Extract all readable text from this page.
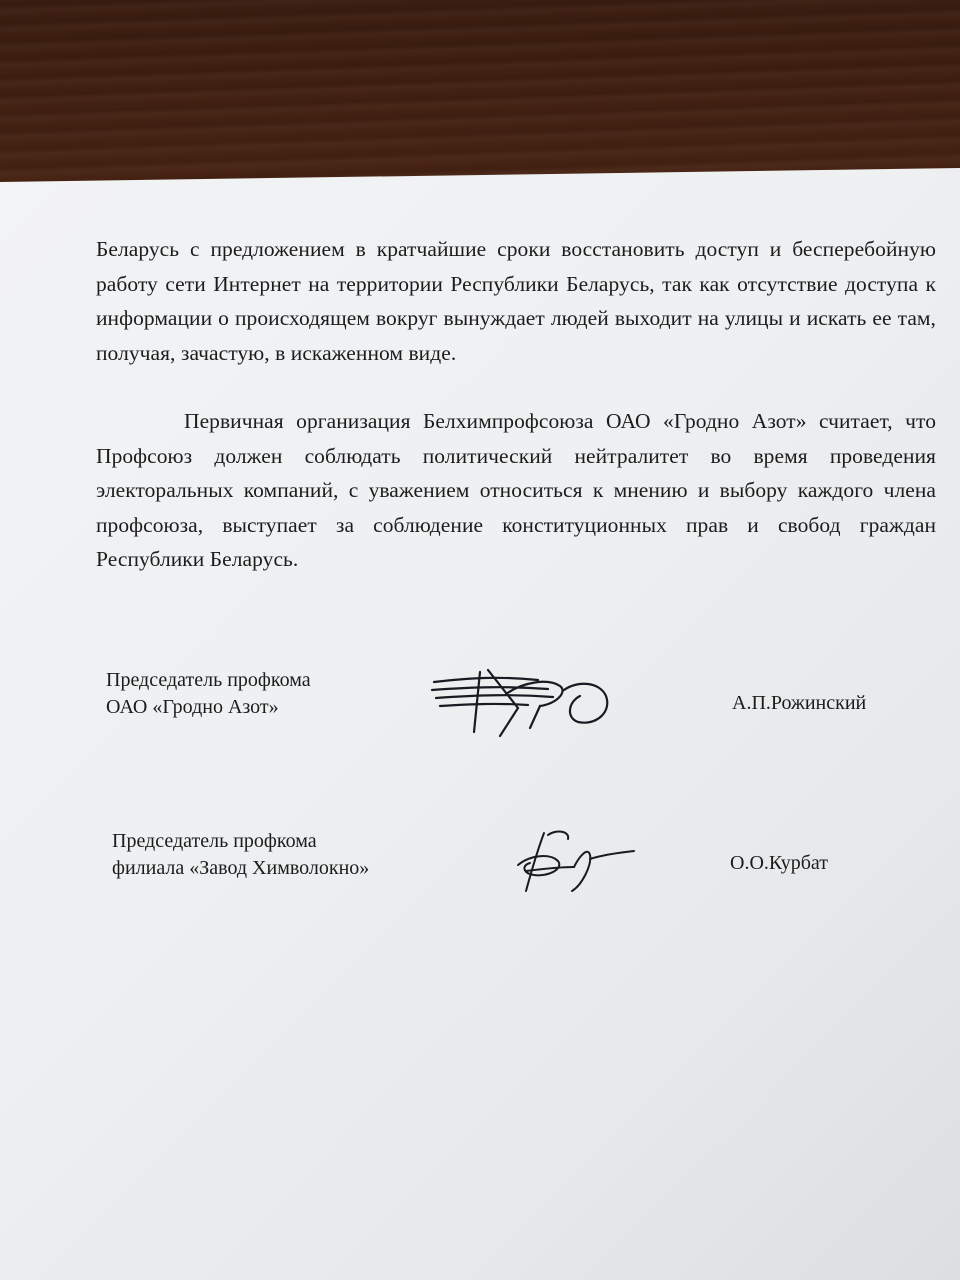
Беларусь с предложением в кратчайшие сроки восстановить доступ и бесперебойную работу сети Интернет на территории Республики Беларусь, так как отсутствие доступа к информации о происходящем вокруг вынуждает людей выходит на улицы и искать ее там, получая, зачастую, в искаженном виде.
Первичная организация Белхимпрофсоюза ОАО «Гродно Азот» считает, что Профсоюз должен соблюдать политический нейтралитет во время проведения электоральных компаний, с уважением относиться к мнению и выбору каждого члена профсоюза, выступает за соблюдение конституционных прав и свобод граждан Республики Беларусь.
Председатель профкома
ОАО «Гродно Азот»	А.П.Рожинский
Председатель профкома
филиала «Завод Химволокно»	О.О.Курбат
